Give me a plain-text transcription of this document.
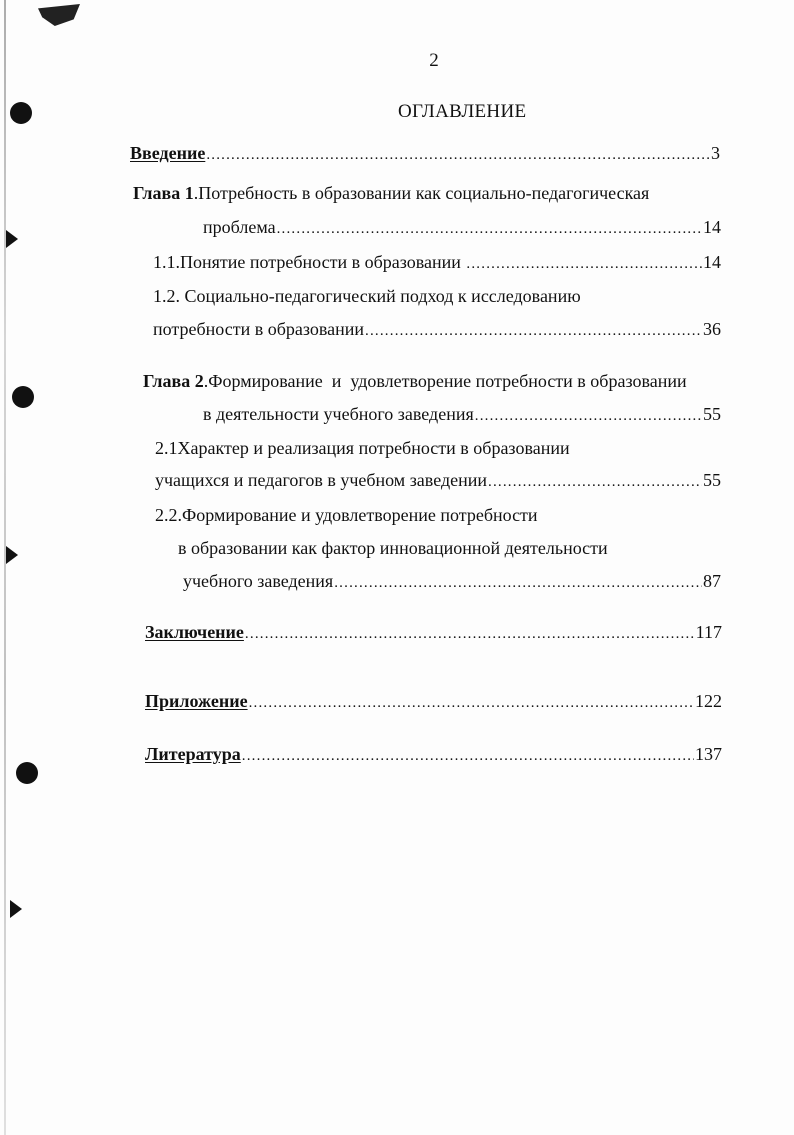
2
ОГЛАВЛЕНИЕ
Введение .....	3
Глава 1.Потребность в образовании как социально-педагогическая
проблема .....	14
1.1.Понятие потребности в образовании .....	14
1.2. Социально-педагогический подход к исследованию
потребности в образовании .....	36
Глава 2.Формирование  и  удовлетворение потребности в образовании
в деятельности учебного заведения .....	55
2.1Характер и реализация потребности в образовании
учащихся и педагогов в учебном заведении .....	55
2.2.Формирование и удовлетворение потребности
в образовании как фактор инновационной деятельности
учебного заведения .....	87
Заключение .....	117
Приложение .....	122
Литература .....	137
